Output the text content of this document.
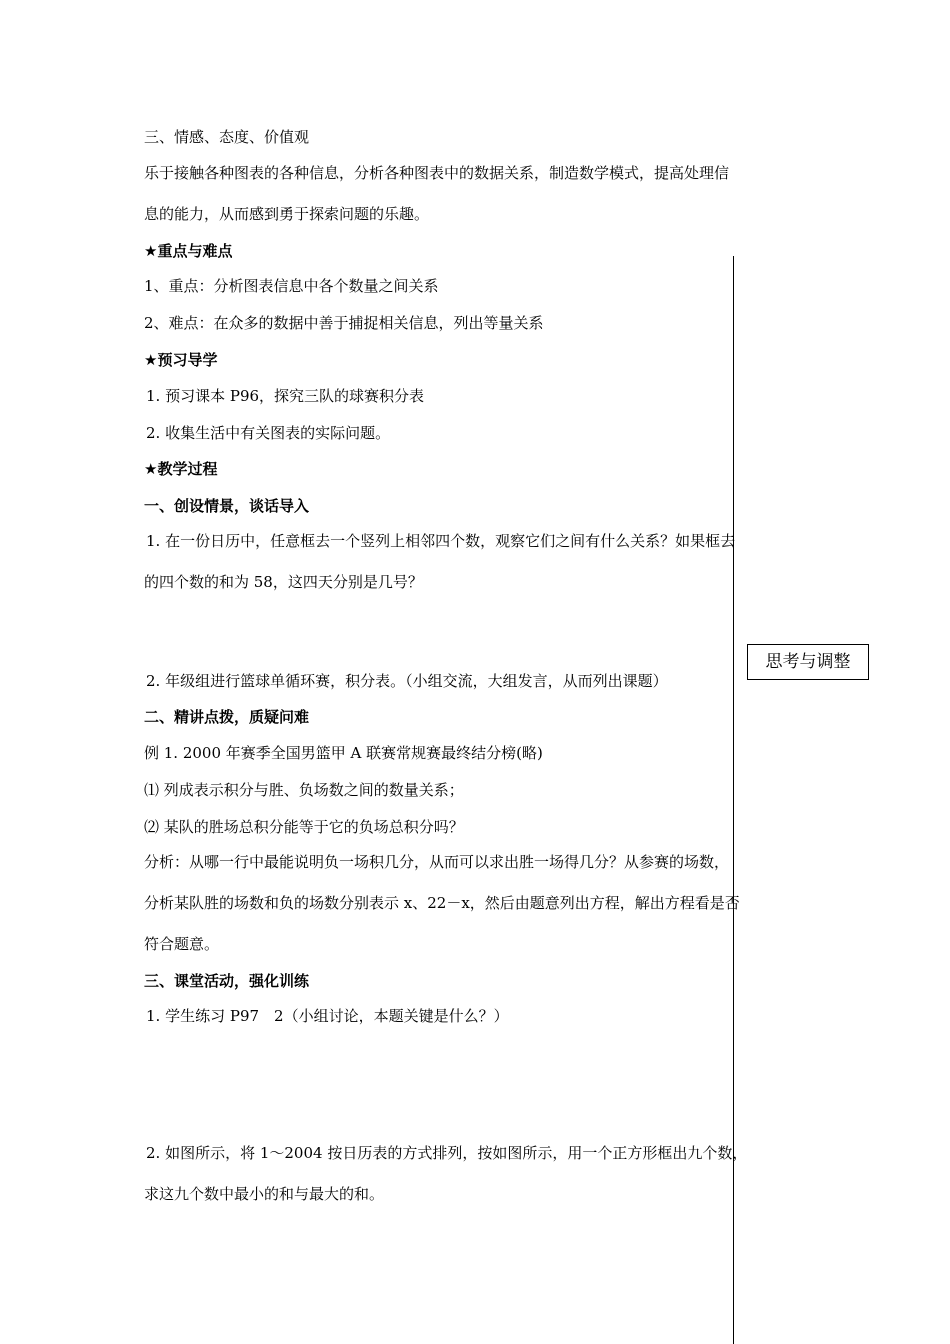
三、情感、态度、价值观
乐于接触各种图表的各种信息，分析各种图表中的数据关系，制造数学模式，提高处理信
息的能力，从而感到勇于探索问题的乐趣。
★重点与难点
1、重点：分析图表信息中各个数量之间关系
2、难点：在众多的数据中善于捕捉相关信息，列出等量关系
★预习导学
1. 预习课本 P96，探究三队的球赛积分表
2. 收集生活中有关图表的实际问题。
★教学过程
一、创设情景，谈话导入
1. 在一份日历中，任意框去一个竖列上相邻四个数，观察它们之间有什么关系？如果框去
的四个数的和为 58，这四天分别是几号？
2. 年级组进行篮球单循环赛，积分表。（小组交流，大组发言，从而列出课题）
二、精讲点拨，质疑问难
例 1. 2000 年赛季全国男篮甲 A 联赛常规赛最终结分榜(略)
⑴ 列成表示积分与胜、负场数之间的数量关系；
⑵ 某队的胜场总积分能等于它的负场总积分吗？
分析：从哪一行中最能说明负一场积几分，从而可以求出胜一场得几分？从参赛的场数，
分析某队胜的场数和负的场数分别表示 x、22－x，然后由题意列出方程，解出方程看是否
符合题意。
三、课堂活动，强化训练
1. 学生练习 P97　2（小组讨论，本题关键是什么？）
2. 如图所示，将 1～2004 按日历表的方式排列，按如图所示，用一个正方形框出九个数，
求这九个数中最小的和与最大的和。
思考与调整
